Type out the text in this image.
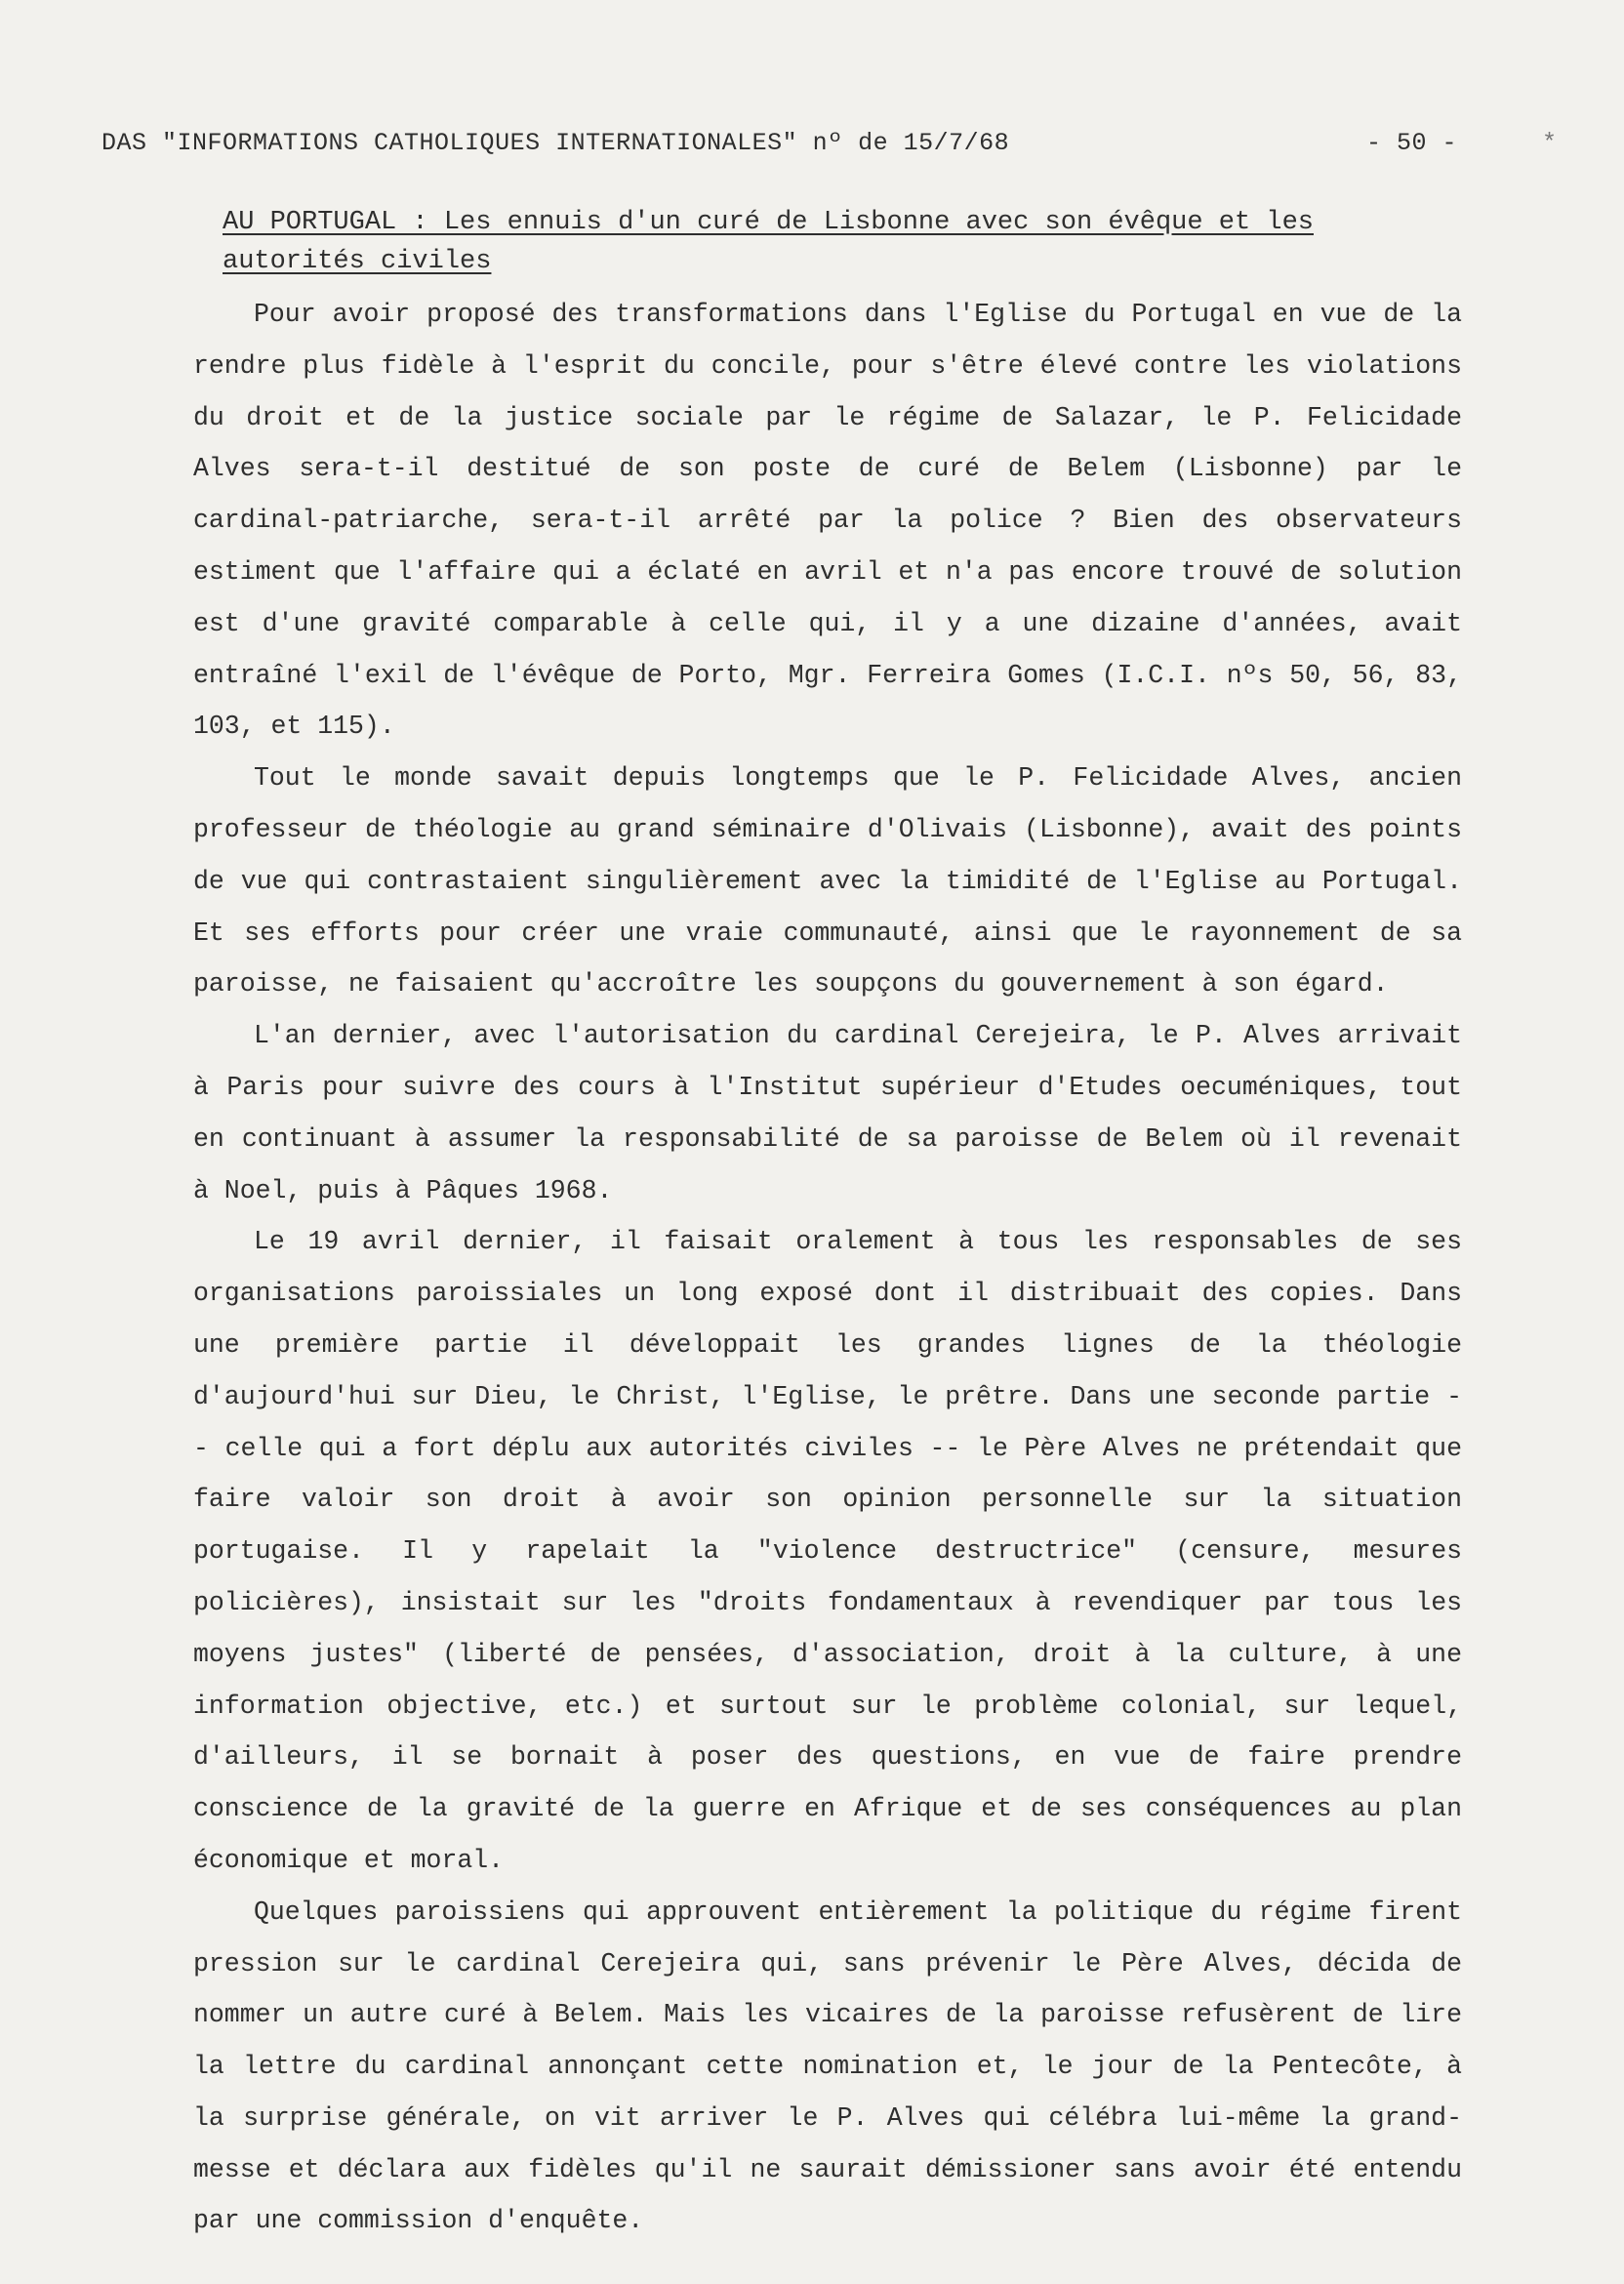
DAS "INFORMATIONS CATHOLIQUES INTERNATIONALES" nº de 15/7/68	- 50 -	*
AU PORTUGAL : Les ennuis d'un curé de Lisbonne avec son évêque et les autorités civiles

Pour avoir proposé des transformations dans l'Eglise du Portugal en vue de la rendre plus fidèle à l'esprit du concile, pour s'être élevé contre les violations du droit et de la justice sociale par le régime de Salazar, le P. Felicidade Alves sera-t-il destitué de son poste de curé de Belem (Lisbonne) par le cardinal-patriarche, sera-t-il arrêté par la police ? Bien des observateurs estiment que l'affaire qui a éclaté en avril et n'a pas encore trouvé de solution est d'une gravité comparable à celle qui, il y a une dizaine d'années, avait entraîné l'exil de l'évêque de Porto, Mgr. Ferreira Gomes (I.C.I. nºs 50, 56, 83, 103, et 115).

Tout le monde savait depuis longtemps que le P. Felicidade Alves, ancien professeur de théologie au grand séminaire d'Olivais (Lisbonne), avait des points de vue qui contrastaient singulièrement avec la timidité de l'Eglise au Portugal. Et ses efforts pour créer une vraie communauté, ainsi que le rayonnement de sa paroisse, ne faisaient qu'accroître les soupçons du gouvernement à son égard.

L'an dernier, avec l'autorisation du cardinal Cerejeira, le P. Alves arrivait à Paris pour suivre des cours à l'Institut supérieur d'Etudes oecuméniques, tout en continuant à assumer la responsabilité de sa paroisse de Belem où il revenait à Noel, puis à Pâques 1968.

Le 19 avril dernier, il faisait oralement à tous les responsables de ses organisations paroissiales un long exposé dont il distribuait des copies. Dans une première partie il développait les grandes lignes de la théologie d'aujourd'hui sur Dieu, le Christ, l'Eglise, le prêtre. Dans une seconde partie -- celle qui a fort déplu aux autorités civiles -- le Père Alves ne prétendait que faire valoir son droit à avoir son opinion personnelle sur la situation portugaise. Il y rapelait la "violence destructrice" (censure, mesures policières), insistait sur les "droits fondamentaux à revendiquer par tous les moyens justes" (liberté de pensées, d'association, droit à la culture, à une information objective, etc.) et surtout sur le problème colonial, sur lequel, d'ailleurs, il se bornait à poser des questions, en vue de faire prendre conscience de la gravité de la guerre en Afrique et de ses conséquences au plan économique et moral.

Quelques paroissiens qui approuvent entièrement la politique du régime firent pression sur le cardinal Cerejeira qui, sans prévenir le Père Alves, décida de nommer un autre curé à Belem. Mais les vicaires de la paroisse refusèrent de lire la lettre du cardinal annonçant cette nomination et, le jour de la Pentecôte, à la surprise générale, on vit arriver le P. Alves qui célébra lui-même la grand-messe et déclara aux fidèles qu'il ne saurait démissioner sans avoir été entendu par une commission d'enquête.
